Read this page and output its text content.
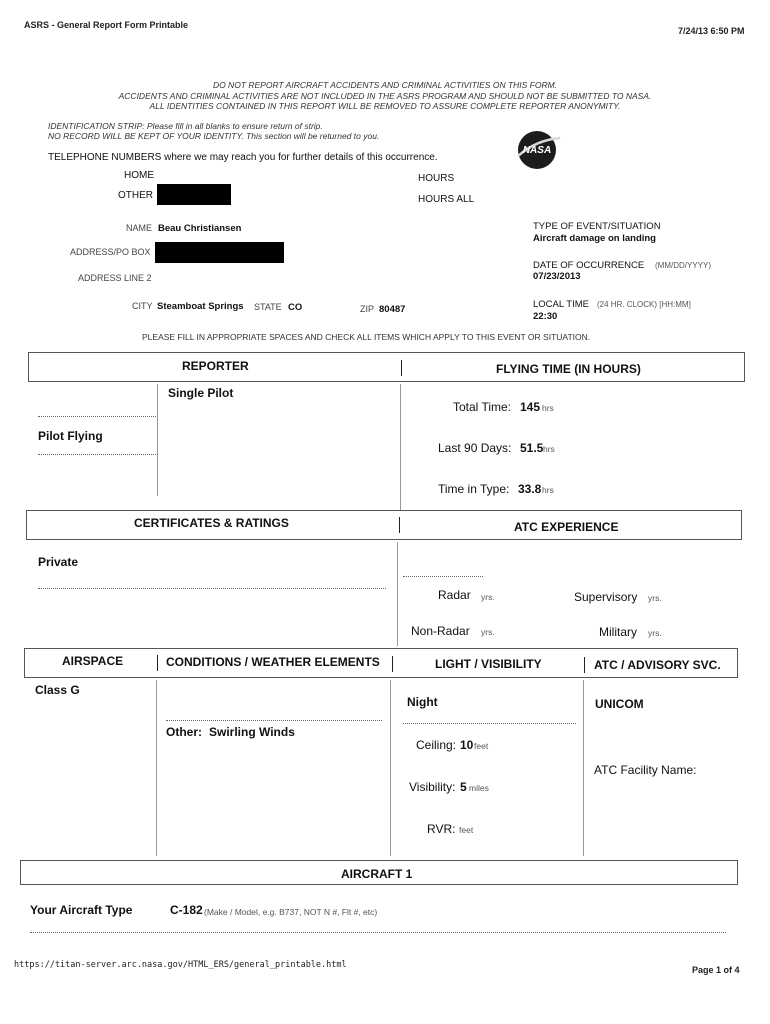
ASRS - General Report Form Printable
7/24/13 6:50 PM
DO NOT REPORT AIRCRAFT ACCIDENTS AND CRIMINAL ACTIVITIES ON THIS FORM.
ACCIDENTS AND CRIMINAL ACTIVITIES ARE NOT INCLUDED IN THE ASRS PROGRAM AND SHOULD NOT BE SUBMITTED TO NASA.
ALL IDENTITIES CONTAINED IN THIS REPORT WILL BE REMOVED TO ASSURE COMPLETE REPORTER ANONYMITY.
IDENTIFICATION STRIP: Please fill in all blanks to ensure return of strip.
NO RECORD WILL BE KEPT OF YOUR IDENTITY. This section will be returned to you.
NASA
TELEPHONE NUMBERS where we may reach you for further details of this occurrence.
HOME
OTHER
HOURS
HOURS ALL
NAME Beau Christiansen
ADDRESS/PO BOX
ADDRESS LINE 2
CITY Steamboat Springs STATE CO	ZIP 80487
TYPE OF EVENT/SITUATION
Aircraft damage on landing
DATE OF OCCURRENCE (MM/DD/YYYY)
07/23/2013
LOCAL TIME (24 HR. CLOCK) [HH:MM]
22:30
PLEASE FILL IN APPROPRIATE SPACES AND CHECK ALL ITEMS WHICH APPLY TO THIS EVENT OR SITUATION.
REPORTER	FLYING TIME (IN HOURS)
Single Pilot
Pilot Flying
Total Time: 145 hrs
Last 90 Days: 51.5 hrs
Time in Type: 33.8 hrs
CERTIFICATES & RATINGS	ATC EXPERIENCE
Private
Radar yrs.	Supervisory yrs.
Non-Radar yrs.	Military yrs.
AIRSPACE	CONDITIONS / WEATHER ELEMENTS	LIGHT / VISIBILITY	ATC / ADVISORY SVC.
Class G
Other: Swirling Winds
Night
Ceiling: 10 feet
Visibility: 5 miles
RVR: feet
UNICOM
ATC Facility Name:
AIRCRAFT 1
Your Aircraft Type	C-182 (Make / Model, e.g. B737, NOT N #, Flt #, etc)
https://titan-server.arc.nasa.gov/HTML_ERS/general_printable.html	Page 1 of 4
